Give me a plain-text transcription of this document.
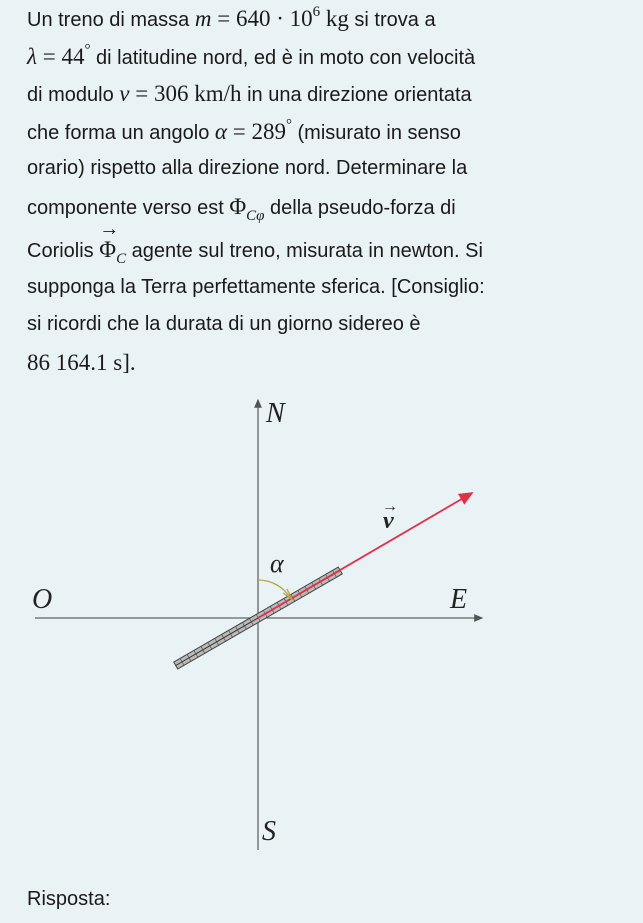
Un treno di massa $m = 640 \cdot 10^6$ kg si trova a
λ = 44° di latitudine nord, ed è in moto con velocità
di modulo v = 306 km/h in una direzione orientata
che forma un angolo α = 289° (misurato in senso
orario) rispetto alla direzione nord. Determinare la
componente verso est $\Phi_{C\varphi}$ della pseudo-forza di
Coriolis
→
$\Phi_C$ agente sul treno, misurata in newton. Si
supponga la Terra perfettamente sferica. [Consiglio:
si ricordi che la durata di un giorno sidereo è
86 164.1 s].
N
S
E
O
α
v
→
Risposta:
